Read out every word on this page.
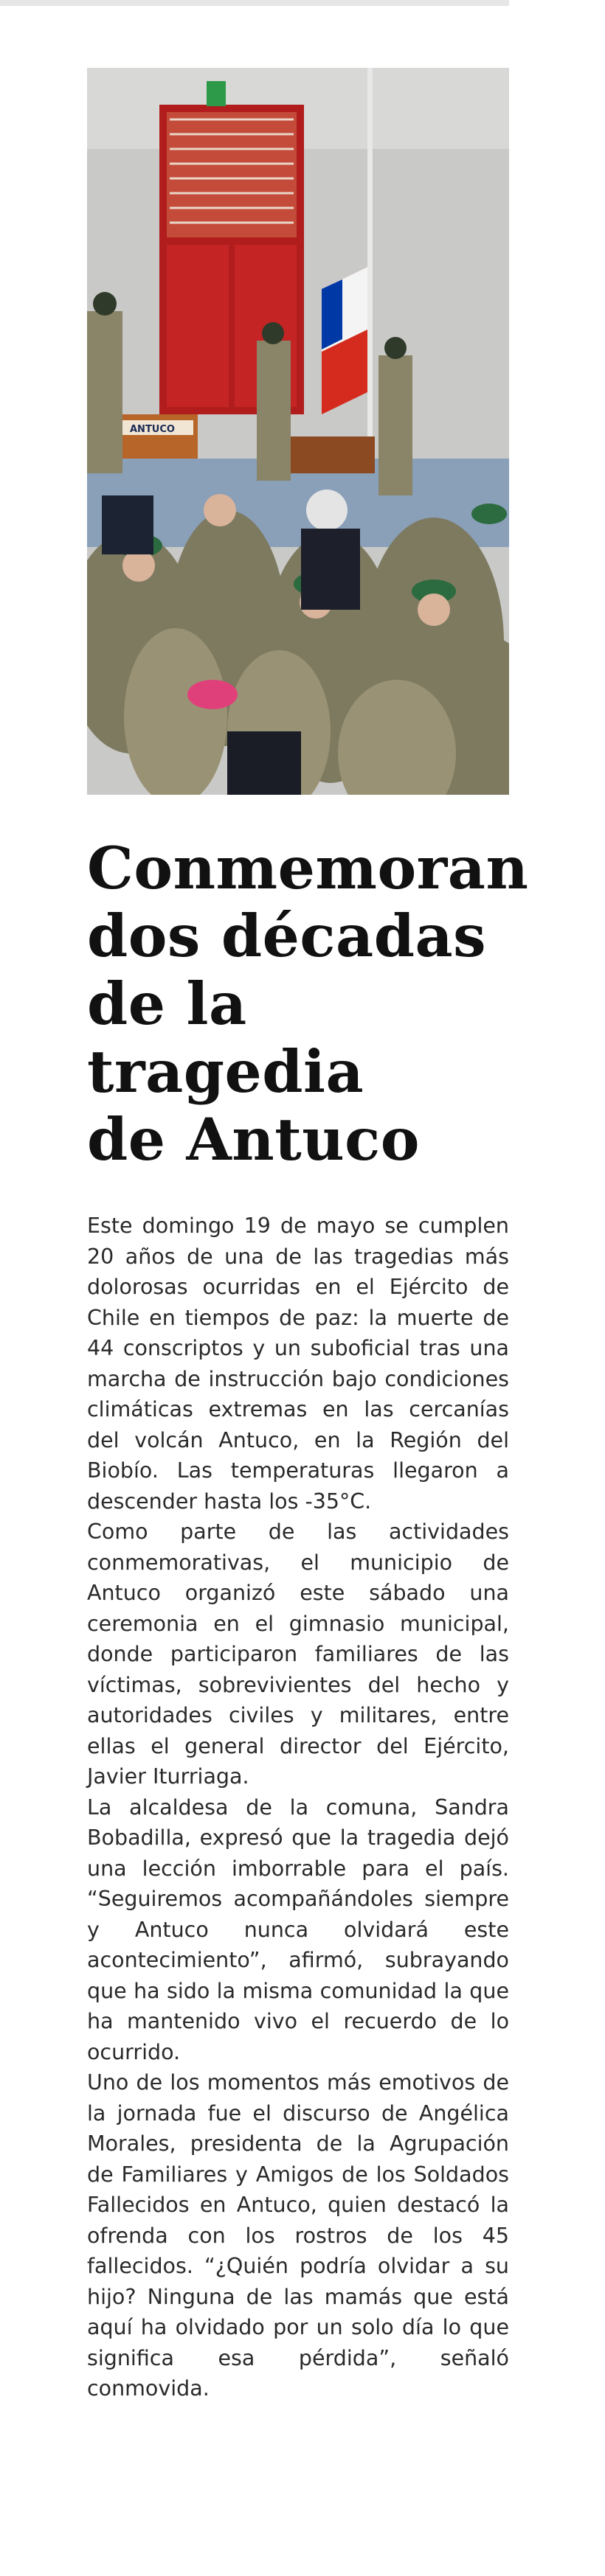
ANTUCO
Conmemoran
dos décadas
de la
tragedia
de Antuco

Este domingo 19 de mayo se cumplen 20 años de una de las tragedias más dolorosas ocurridas en el Ejército de Chile en tiempos de paz: la muerte de 44 conscriptos y un suboficial tras una marcha de instrucción bajo condiciones climáticas extremas en las cercanías del volcán Antuco, en la Región del Biobío. Las temperaturas llegaron a descender hasta los -35°C.

Como parte de las actividades conmemorativas, el municipio de Antuco organizó este sábado una ceremonia en el gimnasio municipal, donde participaron familiares de las víctimas, sobrevivientes del hecho y autoridades civiles y militares, entre ellas el general director del Ejército, Javier Iturriaga.

La alcaldesa de la comuna, Sandra Bobadilla, expresó que la tragedia dejó una lección imborrable para el país. “Seguiremos acompañándoles siempre y Antuco nunca olvidará este acontecimiento”, afirmó, subrayando que ha sido la misma comunidad la que ha mantenido vivo el recuerdo de lo ocurrido.

Uno de los momentos más emotivos de la jornada fue el discurso de Angélica Morales, presidenta de la Agrupación de Familiares y Amigos de los Soldados Fallecidos en Antuco, quien destacó la ofrenda con los rostros de los 45 fallecidos. “¿Quién podría olvidar a su hijo? Ninguna de las mamás que está aquí ha olvidado por un solo día lo que significa esa pérdida”, señaló conmovida.
